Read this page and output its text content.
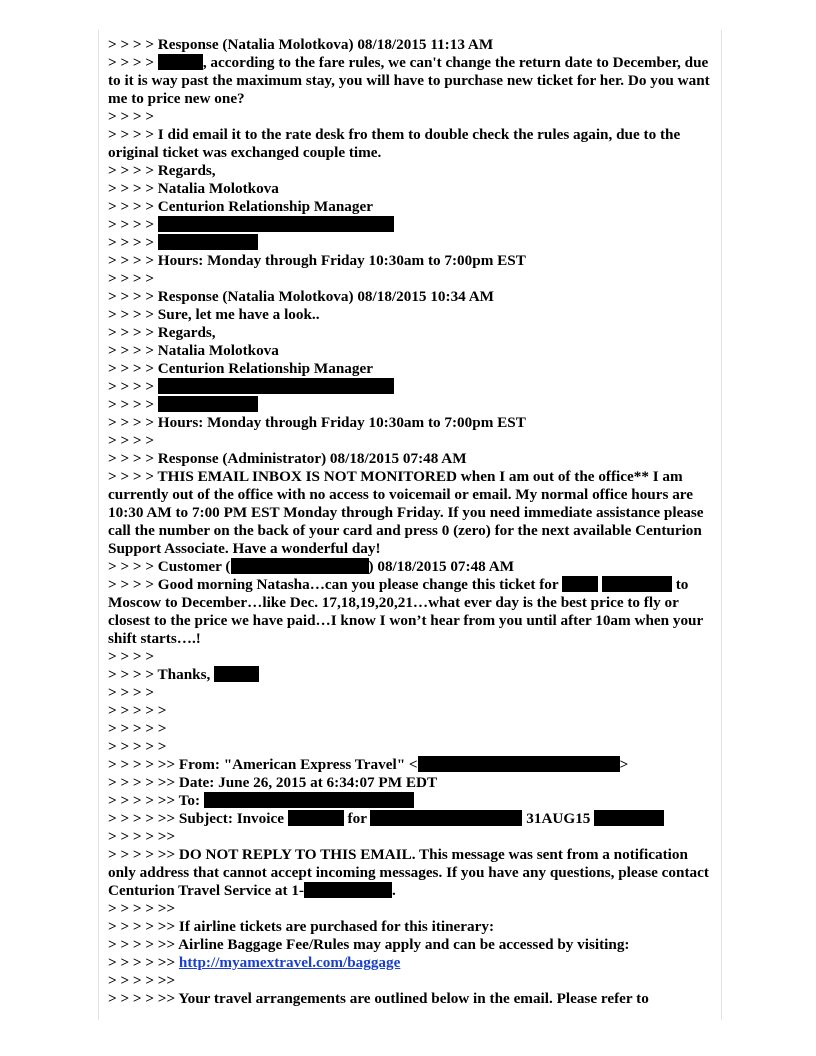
> > > > Response (Natalia Molotkova) 08/18/2015 11:13 AM
> > > >	, according to the fare rules, we can't change the return date to December, due to it is way past the maximum stay, you will have to purchase new ticket for her. Do you want me to price new one?
> > > >
> > > > I did email it to the rate desk fro them to double check the rules again, due to the original ticket was exchanged couple time.
> > > > Regards,
> > > > Natalia Molotkova
> > > > Centurion Relationship Manager
> > > >
> > > >
> > > > Hours: Monday through Friday 10:30am to 7:00pm EST
> > > >
> > > > Response (Natalia Molotkova) 08/18/2015 10:34 AM
> > > > Sure, let me have a look..
> > > > Regards,
> > > > Natalia Molotkova
> > > > Centurion Relationship Manager
> > > >
> > > >
> > > > Hours: Monday through Friday 10:30am to 7:00pm EST
> > > >
> > > > Response (Administrator) 08/18/2015 07:48 AM
> > > > THIS EMAIL INBOX IS NOT MONITORED when I am out of the office** I am currently out of the office with no access to voicemail or email. My normal office hours are 10:30 AM to 7:00 PM EST Monday through Friday. If you need immediate assistance please call the number on the back of your card and press 0 (zero) for the next available Centurion Support Associate. Have a wonderful day!
> > > > Customer (	) 08/18/2015 07:48 AM
> > > > Good morning Natasha…can you please change this ticket for	to Moscow to December…like Dec. 17,18,19,20,21…what ever day is the best price to fly or closest to the price we have paid…I know I won’t hear from you until after 10am when your shift starts….!
> > > >
> > > > Thanks,
> > > >
> > > > >
> > > > >
> > > > >
> > > > >> From: "American Express Travel" <	>
> > > > >> Date: June 26, 2015 at 6:34:07 PM EDT
> > > > >> To:
> > > > >> Subject: Invoice	for	31AUG15
> > > > >>
> > > > >> DO NOT REPLY TO THIS EMAIL. This message was sent from a notification only address that cannot accept incoming messages. If you have any questions, please contact Centurion Travel Service at 1-	.
> > > > >>
> > > > >> If airline tickets are purchased for this itinerary:
> > > > >> Airline Baggage Fee/Rules may apply and can be accessed by visiting:
> > > > >> http://myamextravel.com/baggage
> > > > >>
> > > > >> Your travel arrangements are outlined below in the email. Please refer to
